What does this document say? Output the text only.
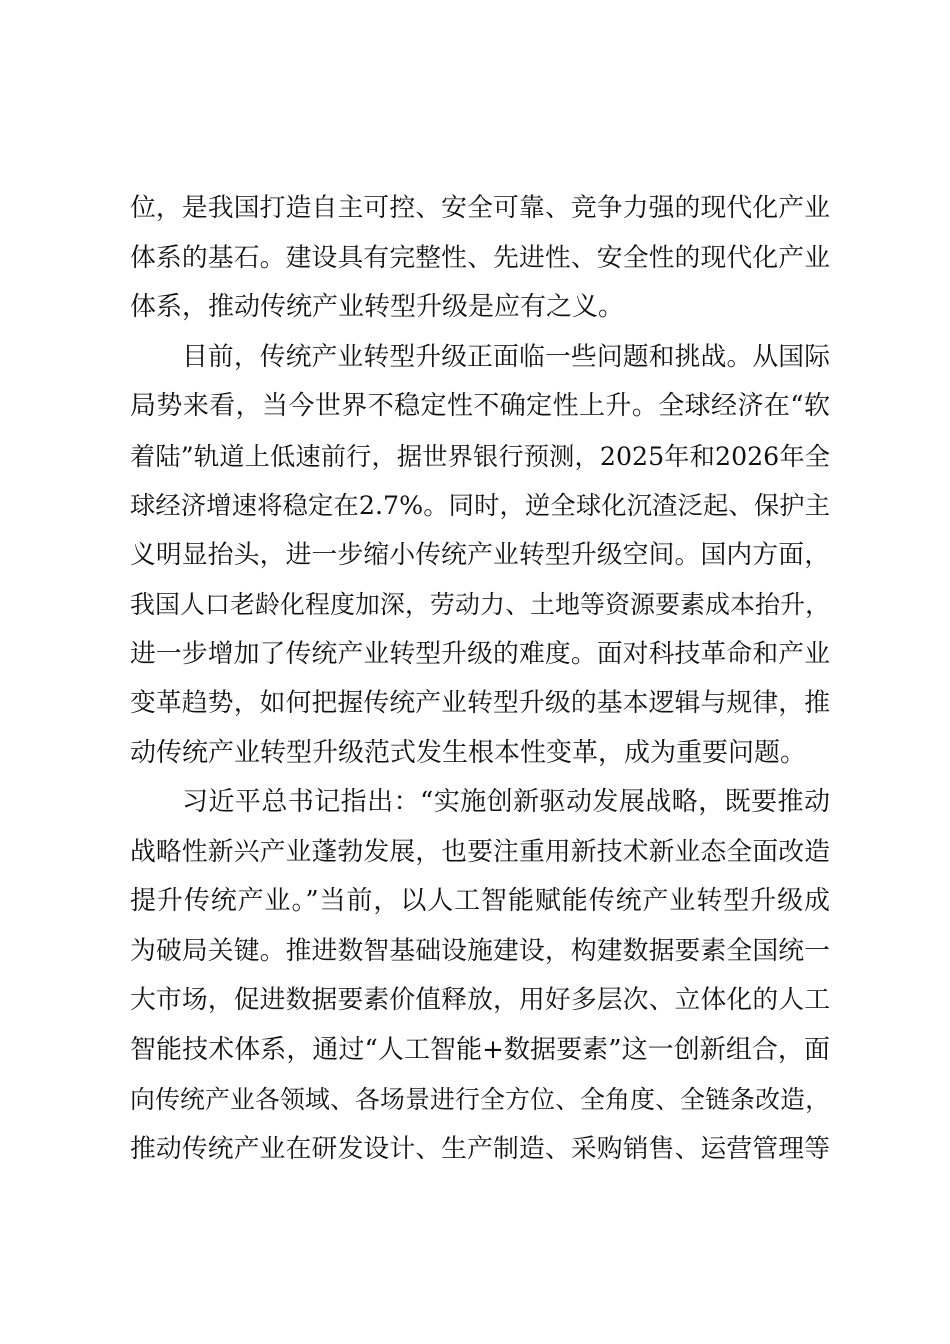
位，是我国打造自主可控、安全可靠、竞争力强的现代化产业
体系的基石。建设具有完整性、先进性、安全性的现代化产业
体系，推动传统产业转型升级是应有之义。
目前，传统产业转型升级正面临一些问题和挑战。从国际
局势来看，当今世界不稳定性不确定性上升。全球经济在“软
着陆”轨道上低速前行，据世界银行预测，2025年和2026年全
球经济增速将稳定在2.7%。同时，逆全球化沉渣泛起、保护主
义明显抬头，进一步缩小传统产业转型升级空间。国内方面，
我国人口老龄化程度加深，劳动力、土地等资源要素成本抬升，
进一步增加了传统产业转型升级的难度。面对科技革命和产业
变革趋势，如何把握传统产业转型升级的基本逻辑与规律，推
动传统产业转型升级范式发生根本性变革，成为重要问题。
习近平总书记指出：“实施创新驱动发展战略，既要推动
战略性新兴产业蓬勃发展，也要注重用新技术新业态全面改造
提升传统产业。”当前，以人工智能赋能传统产业转型升级成
为破局关键。推进数智基础设施建设，构建数据要素全国统一
大市场，促进数据要素价值释放，用好多层次、立体化的人工
智能技术体系，通过“人工智能+数据要素”这一创新组合，面
向传统产业各领域、各场景进行全方位、全角度、全链条改造，
推动传统产业在研发设计、生产制造、采购销售、运营管理等
